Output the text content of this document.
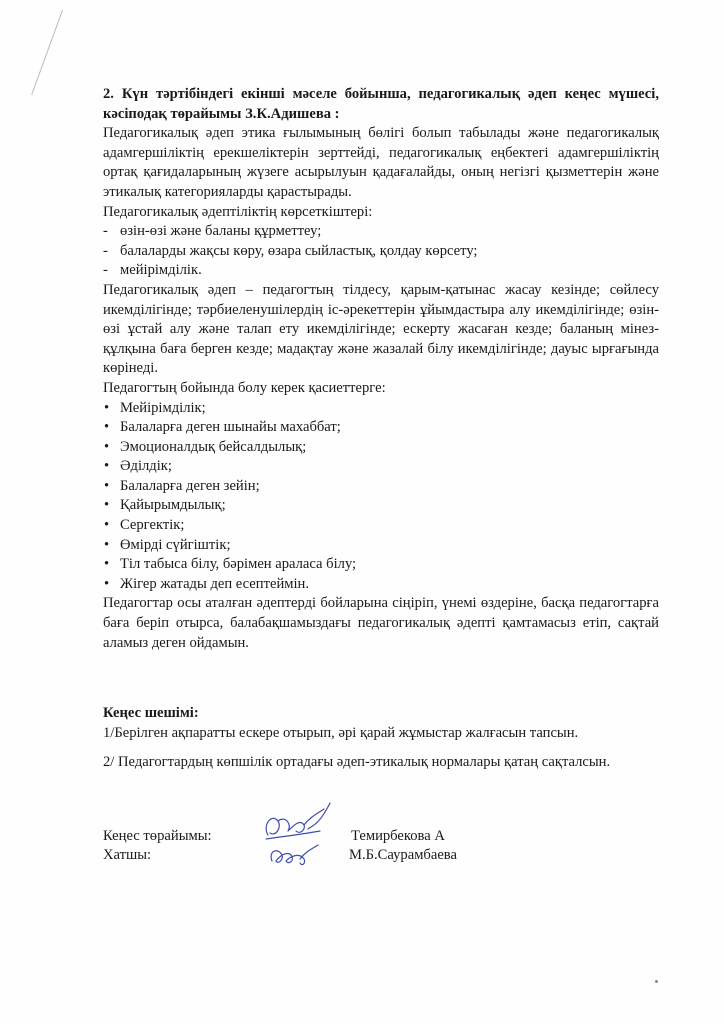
2. Күн тәртібіндегі екінші мәселе бойынша, педагогикалық әдеп кеңес мүшесі, кәсіподақ төрайымы З.К.Адишева :

Педагогикалық әдеп этика ғылымының бөлігі болып табылады және педагогикалық адамгершіліктің ерекшеліктерін зерттейді, педагогикалық еңбектегі адамгершіліктің ортақ қағидаларының жүзеге асырылуын қадағалайды, оның негізгі қызметтерін және этикалық категорияларды қарастырады.

Педагогикалық әдептіліктің көрсеткіштері:

- өзін-өзі және баланы құрметтеу;
- балаларды жақсы көру, өзара сыйластық, қолдау көрсету;
- мейірімділік.

Педагогикалық әдеп – педагогтың тілдесу, қарым-қатынас жасау кезінде; сөйлесу икемділігінде; тәрбиеленушілердің іс-әрекеттерін ұйымдастыра алу икемділігінде; өзін-өзі ұстай алу және талап ету икемділігінде; ескерту жасаған кезде; баланың мінез-құлқына баға берген кезде; мадақтау және жазалай білу икемділігінде; дауыс ырғағында көрінеді.

Педагогтың бойында болу керек қасиеттерге:

• Мейірімділік;
• Балаларға деген шынайы махаббат;
• Эмоционалдық бейсалдылық;
• Әділдік;
• Балаларға деген зейін;
• Қайырымдылық;
• Сергектік;
• Өмірді сүйгіштік;
• Тіл табыса білу, бәрімен араласа білу;
• Жігер жатады деп есептеймін.

Педагогтар осы аталған әдептерді бойларына сіңіріп, үнемі өздеріне, басқа педагогтарға баға беріп отырса, балабақшамыздағы педагогикалық әдепті қамтамасыз етіп, сақтай аламыз деген ойдамын.

Кеңес шешімі:

1/Берілген ақпаратты ескере отырып, әрі қарай жұмыстар жалғасын тапсын.

2/ Педагогтардың көпшілік ортадағы әдеп-этикалық нормалары қатаң сақталсын.

Кеңес төрайымы:	Темирбекова А
Хатшы:	М.Б.Саурамбаева
